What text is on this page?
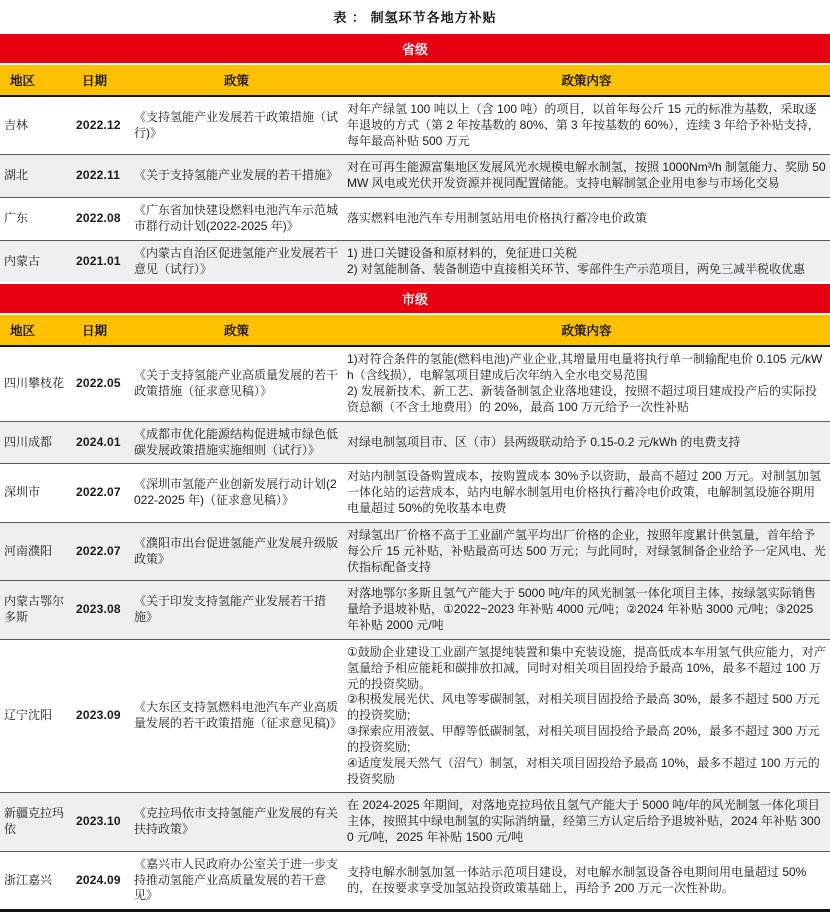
表 ： 制氢环节各地方补贴
省级			
地区	日期	政策	政策内容
吉林	2022.12	《支持氢能产业发展若干政策措施（试行)》	对年产绿氢 100 吨以上（含 100 吨）的项目，以首年每公斤 15 元的标准为基数，采取逐年退坡的方式（第 2 年按基数的 80%、第 3 年按基数的 60%），连续 3 年给予补贴支持，每年最高补贴 500 万元

湖北	2022.11	《关于支持氢能产业发展的若干措施》	对在可再生能源富集地区发展风光水规模电解水制氢，按照 1000Nm³/h 制氢能力、奖励 50MW 风电或光伏开发资源并视同配置储能。支持电解制氢企业用电参与市场化交易

广东	2022.08	《广东省加快建设燃料电池汽车示范城市群行动计划(2022-2025 年)》	落实燃料电池汽车专用制氢站用电价格执行蓄冷电价政策

内蒙古	2021.01	《内蒙古自治区促进氢能产业发展若干意见（试行）》	1) 进口关键设备和原材料的，免征进口关税
2) 对氢能制备、装备制造中直接相关环节、零部件生产示范项目，两免三减半税收优惠

市级			
地区	日期	政策	政策内容
四川攀枝花	2022.05	《关于支持氢能产业高质量发展的若干政策措施（征求意见稿）》	1)对符合条件的氢能(燃料电池)产业企业,其增量用电量将执行单一制输配电价 0.105 元/kWh（含线损），电解氢项目建成后次年纳入全水电交易范围
2) 发展新技术、新工艺、新装备制氢企业落地建设，按照不超过项目建成投产后的实际投资总额（不含土地费用）的 20%，最高 100 万元给予一次性补贴

四川成都	2024.01	《成都市优化能源结构促进城市绿色低碳发展政策措施实施细则（试行）》	对绿电制氢项目市、区（市）县两级联动给予 0.15-0.2 元/kWh 的电费支持

深圳市	2022.07	《深圳市氢能产业创新发展行动计划(2022-2025 年)（征求意见稿）》	对站内制氢设备购置成本，按购置成本 30%予以资助，最高不超过 200 万元。对制氢加氢一体化站的运营成本，站内电解水制氢用电价格执行蓄冷电价政策，电解制氢设施谷期用电量超过 50%的免收基本电费

河南濮阳	2022.07	《濮阳市出台促进氢能产业发展升级版政策》	对绿氢出厂价格不高于工业副产氢平均出厂价格的企业，按照年度累计供氢量，首年给予每公斤 15 元补贴，补贴最高可达 500 万元；与此同时，对绿氢制备企业给予一定风电、光伏指标配备支持

内蒙古鄂尔多斯	2023.08	《关于印发支持氢能产业发展若干措施》	对落地鄂尔多斯且氢气产能大于 5000 吨/年的风光制氢一体化项目主体，按绿氢实际销售量给予退坡补贴，①2022~2023 年补贴 4000 元/吨；②2024 年补贴 3000 元/吨；③2025 年补贴 2000 元/吨

辽宁沈阳	2023.09	《大东区支持氢燃料电池汽车产业高质量发展的若干政策措施（征求意见稿)》	①鼓励企业建设工业副产氢提纯装置和集中充装设施，提高低成本车用氢气供应能力，对产氢量给予相应能耗和碳排放扣减，同时对相关项目固投给予最高 10%，最多不超过 100 万元的投资奖励。
②积极发展光伏、风电等零碳制氢，对相关项目固投给予最高 30%，最多不超过 500 万元的投资奖励;
③探索应用液氨、甲醇等低碳制氢，对相关项目固投给予最高 20%，最多不超过 300 万元的投资奖励;
④适度发展天然气（沼气）制氢，对相关项目固投给予最高 10%，最多不超过 100 万元的投资奖励

新疆克拉玛依	2023.10	《克拉玛依市支持氢能产业发展的有关扶持政策》	在 2024-2025 年期间，对落地克拉玛依且氢气产能大于 5000 吨/年的风光制氢一体化项目主体，按照其中绿电制氢的实际消纳量，经第三方认定后给予退坡补贴，2024 年补贴 3000 元/吨，2025 年补贴 1500 元/吨

浙江嘉兴	2024.09	《嘉兴市人民政府办公室关于进一步支持推动氢能产业高质量发展的若干意见》	支持电解水制氢加氢一体站示范项目建设，对电解水制氢设备谷电期间用电量超过 50%的，在按要求享受加氢站投资政策基础上，再给予 200 万元一次性补助。
